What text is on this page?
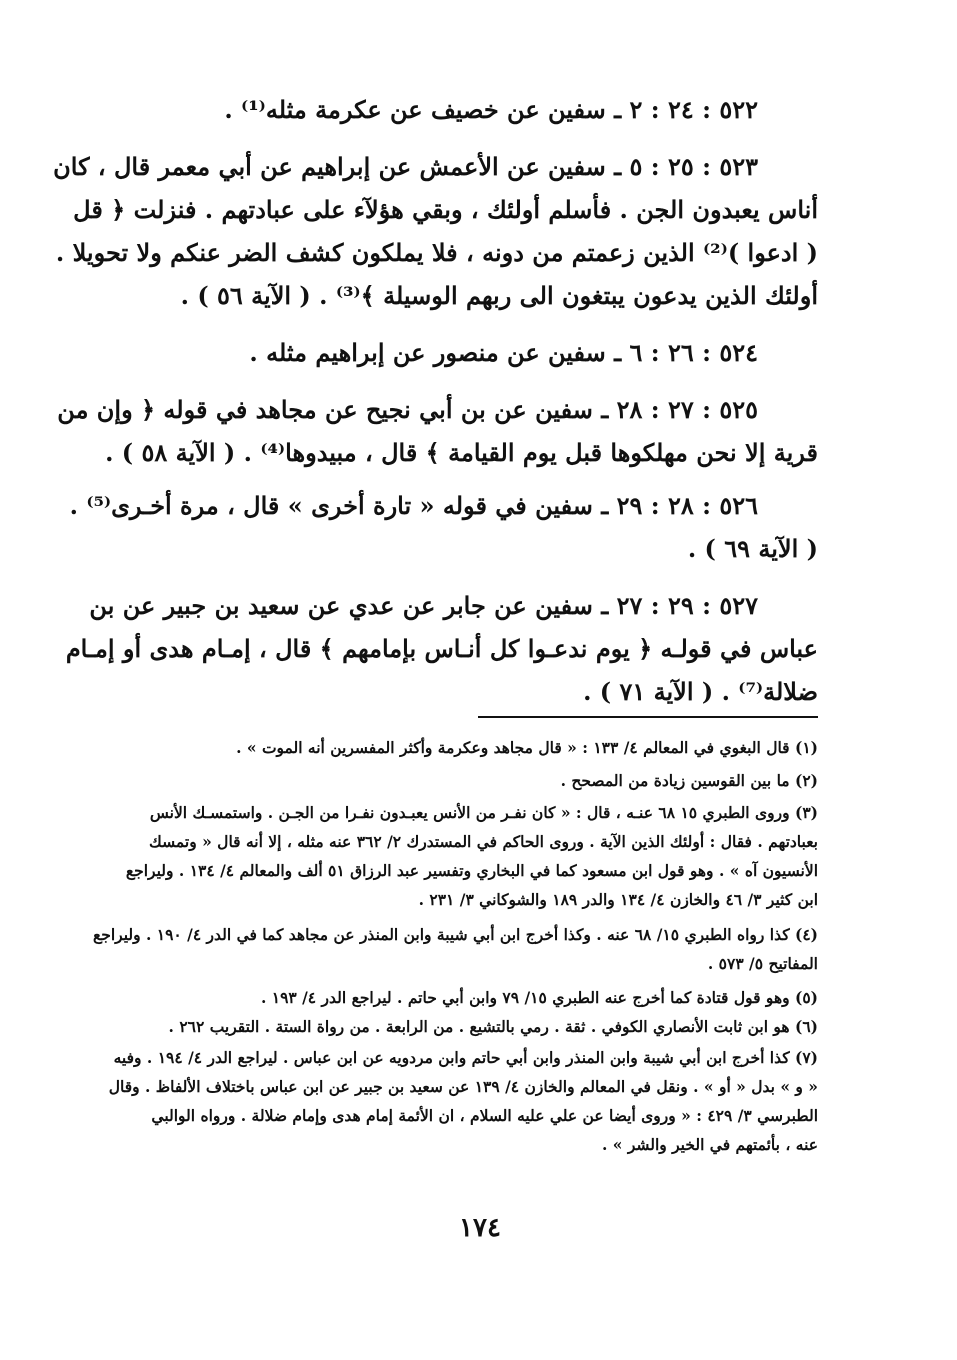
٥٢٢ : ٢٤ : ٢ ـ سفين عن خصيف عن عكرمة مثله⁽¹⁾ .
٥٢٣ : ٢٥ : ٥ ـ سفين عن الأعمش عن إبراهيم عن أبي معمر قال ، كان
أناس يعبدون الجن . فأسلم أولئك ، وبقي هؤلآء على عبادتهم . فنزلت ﴿ قل
( ادعوا )⁽²⁾ الذين زعمتم من دونه ، فلا يملكون كشف الضر عنكم ولا تحويلا .
أولئك الذين يدعون يبتغون الى ربهم الوسيلة ﴾⁽³⁾ . ( الآية ٥٦ ) .
٥٢٤ : ٢٦ : ٦ ـ سفين عن منصور عن إبراهيم مثله .
٥٢٥ : ٢٧ : ٢٨ ـ سفين عن بن أبي نجيح عن مجاهد في قوله ﴿ وإن من
قرية إلا نحن مهلكوها قبل يوم القيامة ﴾ قال ، مبيدوها⁽⁴⁾ . ( الآية ٥٨ ) .
٥٢٦ : ٢٨ : ٢٩ ـ سفين في قوله « تارة أخرى » قال ، مرة أخـرى⁽⁵⁾ .
( الآية ٦٩ ) .
٥٢٧ : ٢٩ : ٢٧ ـ سفين عن جابر عن عدي عن سعيد بن جبير عن بن
عباس في قولـه ﴿ يوم ندعـوا كل أنـاس بإمامهم ﴾ قال ، إمـام هدى أو إمـام
ضلالة⁽⁷⁾ . ( الآية ٧١ ) .
(١) قال البغوي في المعالم ٤/ ١٣٣ : « قال مجاهد وعكرمة وأكثر المفسرين أنه الموت » .
(٢) ما بين القوسين زيادة من المصحح .
(٣) وروى الطبري ١٥ ٦٨ عنـه ، قال : « كان نفـر من الأنس يعبـدون نفـرا من الجـن . واستمسـك الأنس
بعبادتهم . فقال : أولئك الذين الآية . وروى الحاكم في المستدرك ٢/ ٣٦٢ عنه مثله ، إلا أنه قال « وتمسك
الأنسيون آه » . وهو قول ابن مسعود كما في البخاري وتفسير عبد الرزاق ٥١ ألف والمعالم ٤/ ١٣٤ . وليراجع
ابن كثير ٣/ ٤٦ والخازن ٤/ ١٣٤ والدر ١٨٩ والشوكاني ٣/ ٢٣١ .
(٤) كذا رواه الطبري ١٥/ ٦٨ عنه . وكذا أخرج ابن أبي شيبة وابن المنذر عن مجاهد كما في الدر ٤/ ١٩٠ . وليراجع
المفاتيح ٥/ ٥٧٣ .
(٥) وهو قول قتادة كما أخرج عنه الطبري ١٥/ ٧٩ وابن أبي حاتم . ليراجع الدر ٤/ ١٩٣ .
(٦) هو ابن ثابت الأنصاري الكوفي . ثقة . رمي بالتشيع . من الرابعة . من رواة الستة . التقريب ٢٦٢ .
(٧) كذا أخرج ابن أبي شيبة وابن المنذر وابن أبي حاتم وابن مردويه عن ابن عباس . ليراجع الدر ٤/ ١٩٤ . وفيه
« و » بدل « أو » . ونقل في المعالم والخازن ٤/ ١٣٩ عن سعيد بن جبير عن ابن عباس باختلاف الألفاظ . وقال
الطبرسي ٣/ ٤٢٩ : « وروى أيضا عن علي عليه السلام ، ان الأئمة إمام هدى وإمام ضلالة . ورواه الوالبي
عنه ، بأئمتهم في الخير والشر » .
١٧٤
